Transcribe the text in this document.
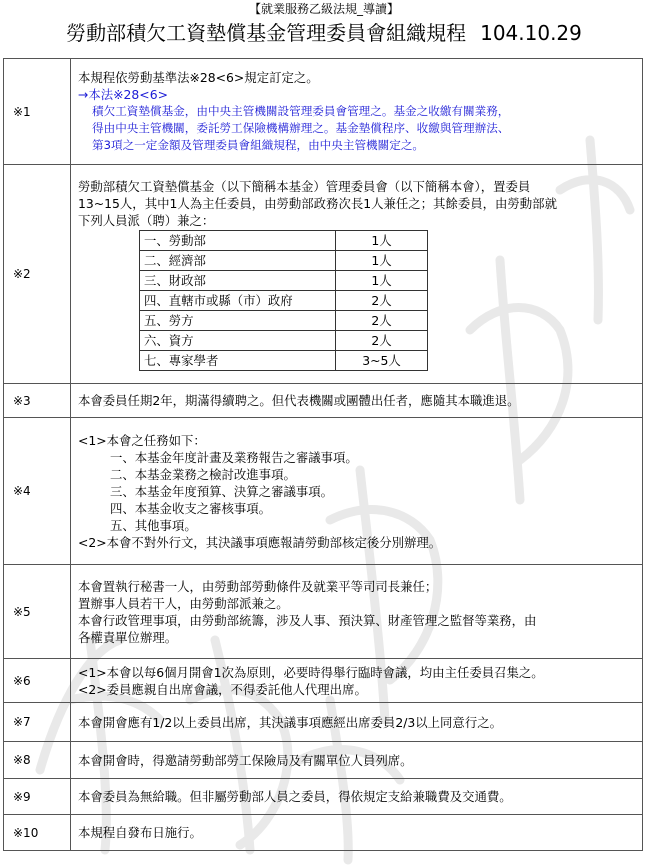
【就業服務乙級法規_導讀】
勞動部積欠工資墊償基金管理委員會組織規程 104.10.29
※1	
本規程依勞動基準法※28<6>規定訂定之。
→本法※28<6>
積欠工資墊償基金，由中央主管機關設管理委員會管理之。基金之收繳有關業務，
得由中央主管機關，委託勞工保險機構辦理之。基金墊償程序、收繳與管理辦法、
第3項之一定金額及管理委員會組織規程，由中央主管機關定之。

※2	
勞動部積欠工資墊償基金（以下簡稱本基金）管理委員會（以下簡稱本會），置委員
13~15人，其中1人為主任委員，由勞動部政務次長1人兼任之；其餘委員，由勞動部就
下列人員派（聘）兼之：
一、勞動部	1人
二、經濟部	1人
三、財政部	1人
四、直轄市或縣（市）政府	2人
五、勞方	2人
六、資方	2人
七、專家學者	3~5人

※3	本會委員任期2年，期滿得續聘之。但代表機關或團體出任者，應隨其本職進退。

※4	
<1>本會之任務如下：
一、本基金年度計畫及業務報告之審議事項。
二、本基金業務之檢討改進事項。
三、本基金年度預算、決算之審議事項。
四、本基金收支之審核事項。
五、其他事項。
<2>本會不對外行文，其決議事項應報請勞動部核定後分別辦理。

※5	
本會置執行秘書一人，由勞動部勞動條件及就業平等司司長兼任；
置辦事人員若干人，由勞動部派兼之。
本會行政管理事項，由勞動部統籌，涉及人事、預決算、財產管理之監督等業務，由
各權責單位辦理。

※6	
<1>本會以每6個月開會1次為原則，必要時得舉行臨時會議，均由主任委員召集之。
<2>委員應親自出席會議，不得委託他人代理出席。

※7	本會開會應有1/2以上委員出席，其決議事項應經出席委員2/3以上同意行之。

※8	本會開會時，得邀請勞動部勞工保險局及有關單位人員列席。

※9	本會委員為無給職。但非屬勞動部人員之委員，得依規定支給兼職費及交通費。

※10	本規程自發布日施行。
